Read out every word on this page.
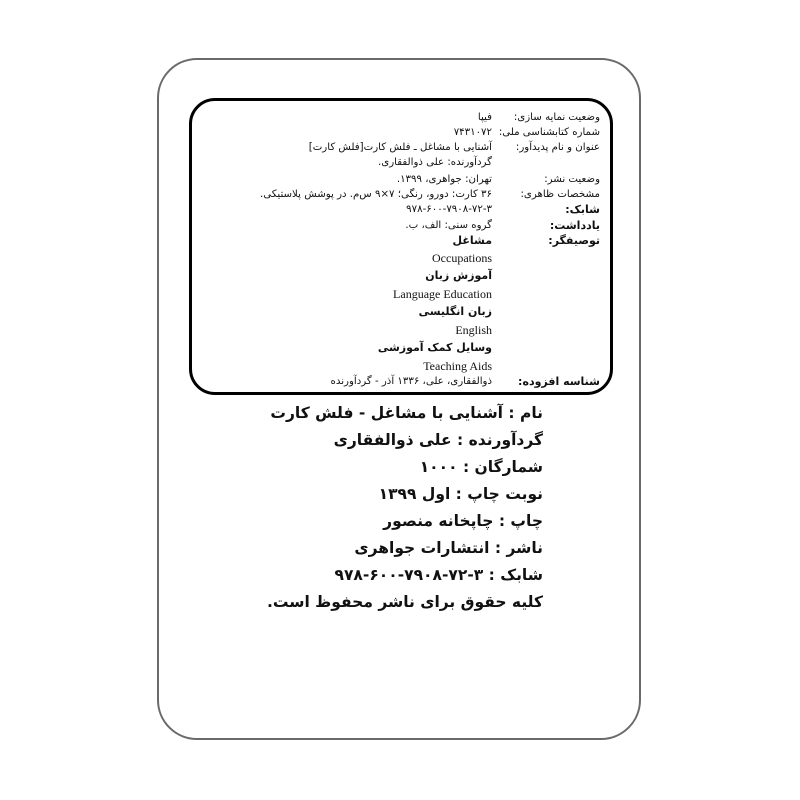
وضعیت نمایه سازی:
فیپا
شماره کتابشناسی ملی:
۷۴۳۱۰۷۲
عنوان و نام پدیدآور:
آشنایی با مشاغل ـ فلش کارت[فلش کارت]
گردآورنده: علی ذوالفقاری.
وضعیت نشر:
تهران: جواهری، ۱۳۹۹.
مشخصات ظاهری:
۳۶ کارت: دورو، رنگی؛ ۷×۹ س‌م. در پوشش پلاستیکی.
شابک:
۹۷۸-۶۰۰-۷۹۰۸-۷۲-۳
یادداشت:
گروه سنی: الف، ب.
توصیفگر:
مشاغل
Occupations
آموزش زبان
Language Education
زبان انگلیسی
English
وسایل کمک آموزشی
Teaching Aids
شناسه افزوده:
ذوالفقاری، علی، ۱۳۳۶ آذر - گردآورنده
نام : آشنایی با مشاغل - فلش کارت
گردآورنده : علی ذوالفقاری
شمارگان : ۱۰۰۰
نوبت چاپ : اول ۱۳۹۹
چاپ : چاپخانه منصور
ناشر : انتشارات جواهری
شابک : ۳-۷۲-۷۹۰۸-۶۰۰-۹۷۸
کلیه حقوق برای ناشر محفوظ است.
